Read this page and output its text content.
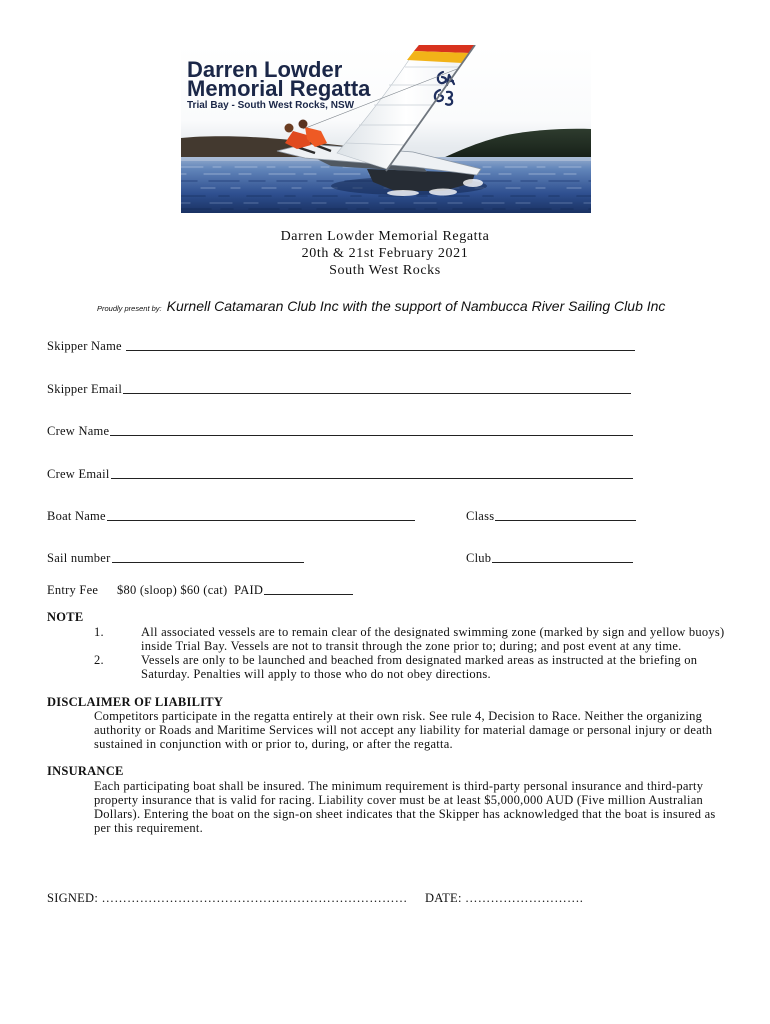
Darren Lowder
Memorial Regatta
Trial Bay - South West Rocks, NSW
Darren Lowder Memorial Regatta
20th & 21st February 2021
South West Rocks
Proudly present by: Kurnell Catamaran Club Inc with the support of Nambucca River Sailing Club Inc
Skipper Name
Skipper Email
Crew Name
Crew Email
Boat Name	Class
Sail number	Club
Entry Fee $80 (sloop) $60 (cat)  PAID
NOTE
1.	All associated vessels are to remain clear of the designated swimming zone (marked by sign and yellow buoys)
inside Trial Bay. Vessels are not to transit through the zone prior to; during; and post event at any time.
2.	Vessels are only to be launched and beached from designated marked areas as instructed at the briefing on
Saturday. Penalties will apply to those who do not obey directions.
DISCLAIMER OF LIABILITY
Competitors participate in the regatta entirely at their own risk. See rule 4, Decision to Race. Neither the organizing
authority or Roads and Maritime Services will not accept any liability for material damage or personal injury or death
sustained in conjunction with or prior to, during, or after the regatta.
INSURANCE
Each participating boat shall be insured. The minimum requirement is third-party personal insurance and third-party
property insurance that is valid for racing. Liability cover must be at least $5,000,000 AUD (Five million Australian
Dollars). Entering the boat on the sign-on sheet indicates that the Skipper has acknowledged that the boat is insured as
per this requirement.
SIGNED: ……………………………………………………………… DATE: ……………………….
